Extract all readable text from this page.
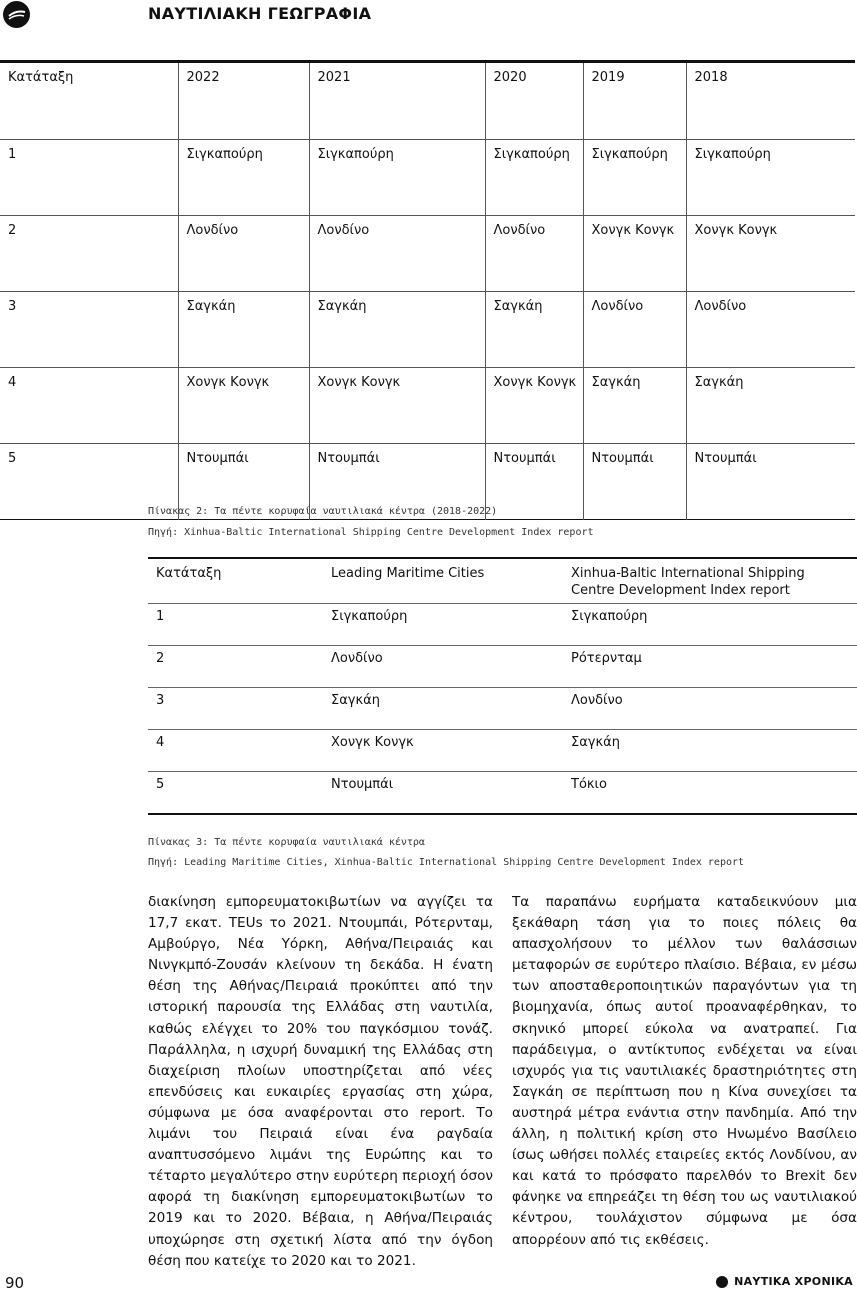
ΝΑΥΤΙΛΙΑΚΗ ΓΕΩΓΡΑΦΙΑ
Κατάταξη	2022	2021	2020	2019	2018
1	Σιγκαπούρη	Σιγκαπούρη	Σιγκαπούρη	Σιγκαπούρη	Σιγκαπούρη
2	Λονδίνο	Λονδίνο	Λονδίνο	Χονγκ Κονγκ	Χονγκ Κονγκ
3	Σαγκάη	Σαγκάη	Σαγκάη	Λονδίνο	Λονδίνο
4	Χονγκ Κονγκ	Χονγκ Κονγκ	Χονγκ Κονγκ	Σαγκάη	Σαγκάη
5	Ντουμπάι	Ντουμπάι	Ντουμπάι	Ντουμπάι	Ντουμπάι
Πίνακας 2: Τα πέντε κορυφαία ναυτιλιακά κέντρα (2018-2022)
Πηγή: Xinhua-Baltic International Shipping Centre Development Index report
Κατάταξη	Leading Maritime Cities	Xinhua-Baltic International Shipping Centre Development Index report
1	Σιγκαπούρη	Σιγκαπούρη
2	Λονδίνο	Ρότερνταμ
3	Σαγκάη	Λονδίνο
4	Χονγκ Κονγκ	Σαγκάη
5	Ντουμπάι	Τόκιο
Πίνακας 3: Τα πέντε κορυφαία ναυτιλιακά κέντρα
Πηγή: Leading Maritime Cities, Xinhua-Baltic International Shipping Centre Development Index report
διακίνηση εμπορευματοκιβωτίων να αγγίζει τα 17,7 εκατ. TEUs το 2021. Ντουμπάι, Ρότερνταμ, Αμβούργο, Νέα Υόρκη, Αθήνα/Πειραιάς και Νινγκμπό-Ζουσάν κλείνουν τη δεκάδα. Η ένατη θέση της Αθήνας/Πειραιά προκύπτει από την ιστορική παρουσία της Ελλάδας στη ναυτιλία, καθώς ελέγχει το 20% του παγκόσμιου τονάζ. Παράλληλα, η ισχυρή δυναμική της Ελλάδας στη διαχείριση πλοίων υποστηρίζεται από νέες επενδύσεις και ευκαιρίες εργασίας στη χώρα, σύμφωνα με όσα αναφέρονται στο report. Το λιμάνι του Πειραιά είναι ένα ραγδαία αναπτυσσόμενο λιμάνι της Ευρώπης και το τέταρτο μεγαλύτερο στην ευρύτερη περιοχή όσον αφορά τη διακίνηση εμπορευματοκιβωτίων το 2019 και το 2020. Βέβαια, η Αθήνα/Πειραιάς υποχώρησε στη σχετική λίστα από την όγδοη θέση που κατείχε το 2020 και το 2021.
Τα παραπάνω ευρήματα καταδεικνύουν μια ξεκάθαρη τάση για το ποιες πόλεις θα απασχολήσουν το μέλλον των θαλάσσιων μεταφορών σε ευρύτερο πλαίσιο. Βέβαια, εν μέσω των αποσταθεροποιητικών παραγόντων για τη βιομηχανία, όπως αυτοί προαναφέρθηκαν, το σκηνικό μπορεί εύκολα να ανατραπεί. Για παράδειγμα, ο αντίκτυπος ενδέχεται να είναι ισχυρός για τις ναυτιλιακές δραστηριότητες στη Σαγκάη σε περίπτωση που η Κίνα συνεχίσει τα αυστηρά μέτρα ενάντια στην πανδημία. Από την άλλη, η πολιτική κρίση στο Ηνωμένο Βασίλειο ίσως ωθήσει πολλές εταιρείες εκτός Λονδίνου, αν και κατά το πρόσφατο παρελθόν το Brexit δεν φάνηκε να επηρεάζει τη θέση του ως ναυτιλιακού κέντρου, τουλάχιστον σύμφωνα με όσα απορρέουν από τις εκθέσεις.
90	ΝΑΥΤΙΚΑ ΧΡΟΝΙΚΑ
